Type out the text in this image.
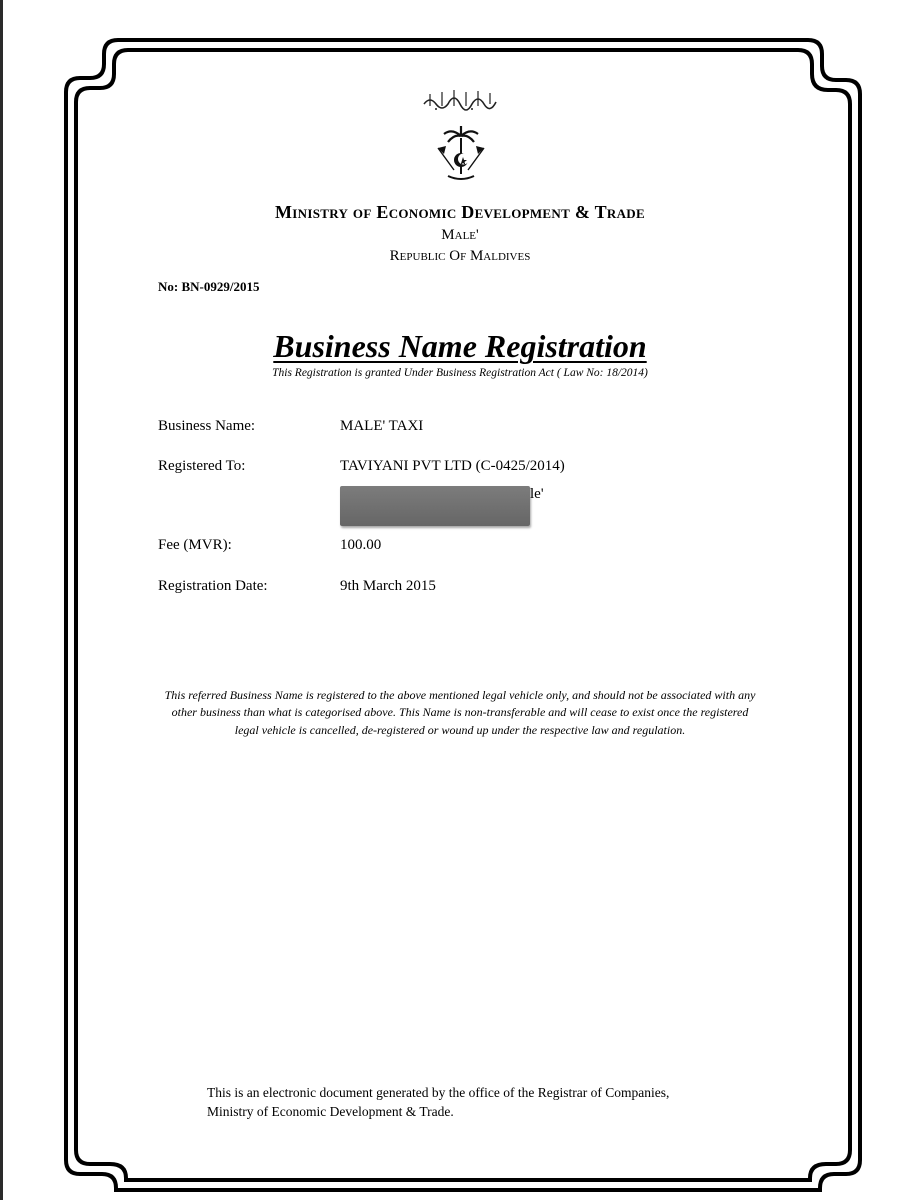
Ministry of Economic Development & Trade
Male'
Republic Of Maldives
No: BN-0929/2015
Business Name Registration
This Registration is granted Under Business Registration Act ( Law No: 18/2014)
Business Name:	MALE' TAXI
Registered To:	TAVIYANI PVT LTD (C-0425/2014)
le'
Fee (MVR):	100.00
Registration Date:	9th March 2015
This referred Business Name is registered to the above mentioned legal vehicle only, and should not be associated with any other business than what is categorised above. This Name is non-transferable and will cease to exist once the registered legal vehicle is cancelled, de-registered or wound up under the respective law and regulation.
This is an electronic document generated by the office of the Registrar of Companies, Ministry of Economic Development & Trade.
